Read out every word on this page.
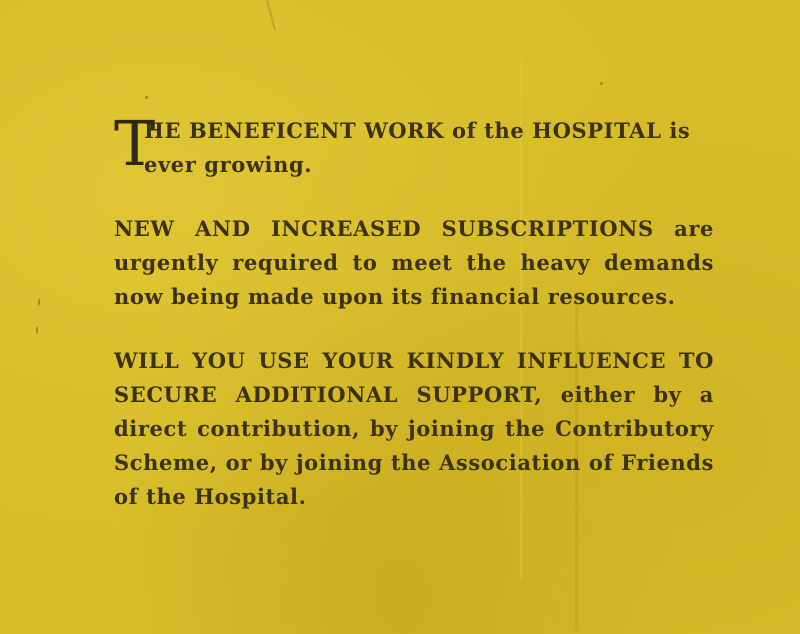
T
HE BENEFICENT WORK of the HOSPITAL is
ever growing.

NEW AND INCREASED SUBSCRIPTIONS are urgently required to meet the heavy demands now being made upon its financial resources.

WILL YOU USE YOUR KINDLY INFLUENCE TO SECURE ADDITIONAL SUPPORT, either by a direct contribution, by joining the Contributory Scheme, or by joining the Association of Friends of the Hospital.
